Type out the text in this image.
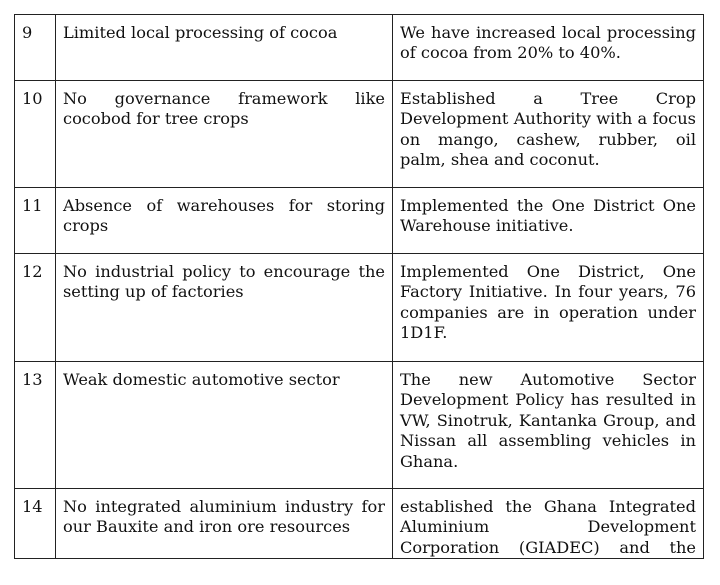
9	Limited local processing of cocoa	We have increased local processing of cocoa from 20% to 40%.
10	No governance framework like cocobod for tree crops	Established a Tree Crop Development Authority with a focus on mango, cashew, rubber, oil palm, shea and coconut.
11	Absence of warehouses for storing crops	Implemented the One District One Warehouse initiative.
12	No industrial policy to encourage the setting up of factories	Implemented One District, One Factory Initiative. In four years, 76 companies are in operation under 1D1F.
13	Weak domestic automotive sector	The new Automotive Sector Development Policy has resulted in VW, Sinotruk, Kantanka Group, and Nissan all assembling vehicles in Ghana.
14	No integrated aluminium industry for our Bauxite and iron ore resources	established the Ghana Integrated Aluminium Development Corporation (GIADEC) and the
